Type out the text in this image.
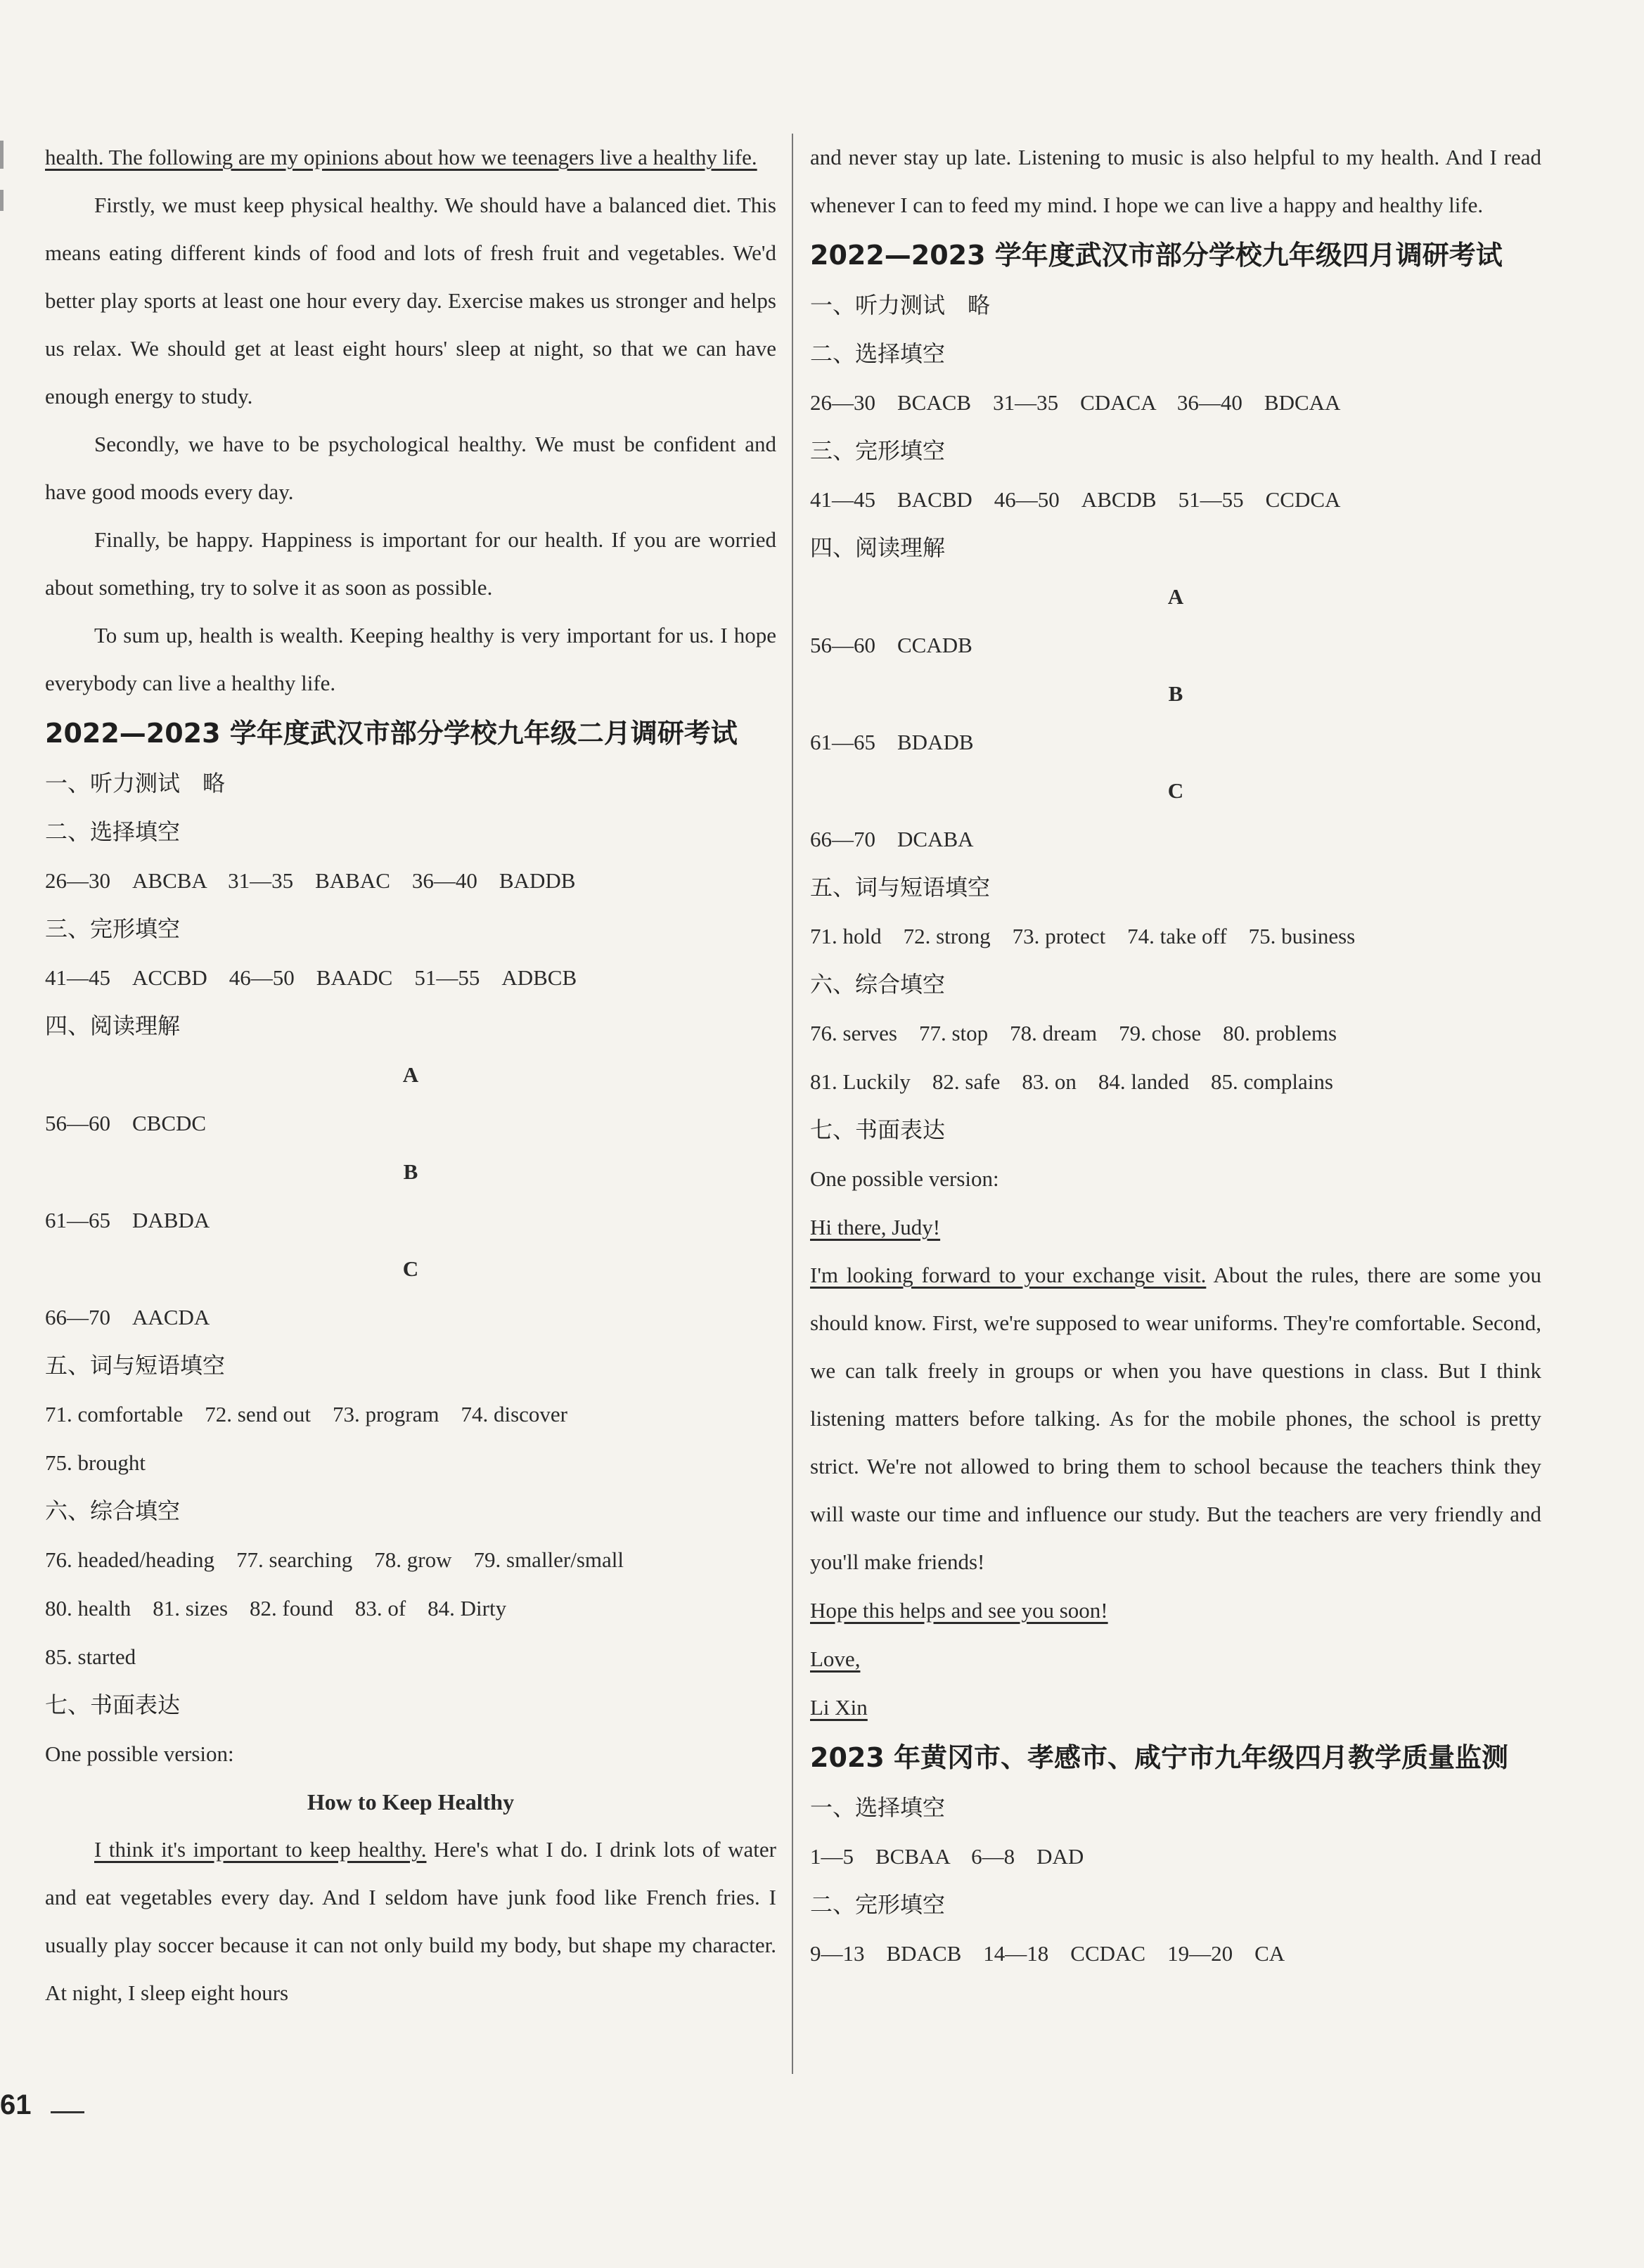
health. The following are my opinions about how we teenagers live a healthy life.
Firstly, we must keep physical healthy. We should have a balanced diet. This means eating different kinds of food and lots of fresh fruit and vegetables. We'd better play sports at least one hour every day. Exercise makes us stronger and helps us relax. We should get at least eight hours' sleep at night, so that we can have enough energy to study.
Secondly, we have to be psychological healthy. We must be confident and have good moods every day.
Finally, be happy. Happiness is important for our health. If you are worried about something, try to solve it as soon as possible.
To sum up, health is wealth. Keeping healthy is very important for us. I hope everybody can live a healthy life.
2022—2023 学年度武汉市部分学校九年级二月调研考试
一、听力测试　略
二、选择填空
26—30　ABCBA　31—35　BABAC　36—40　BADDB
三、完形填空
41—45　ACCBD　46—50　BAADC　51—55　ADBCB
四、阅读理解
A
56—60　CBCDC
B
61—65　DABDA
C
66—70　AACDA
五、词与短语填空
71. comfortable　72. send out　73. program　74. discover
75. brought
六、综合填空
76. headed/heading　77. searching　78. grow　79. smaller/small
80. health　81. sizes　82. found　83. of　84. Dirty
85. started
七、书面表达
One possible version:
How to Keep Healthy
I think it's important to keep healthy. Here's what I do. I drink lots of water and eat vegetables every day. And I seldom have junk food like French fries. I usually play soccer because it can not only build my body, but shape my character. At night, I sleep eight hours
and never stay up late. Listening to music is also helpful to my health. And I read whenever I can to feed my mind. I hope we can live a happy and healthy life.
2022—2023 学年度武汉市部分学校九年级四月调研考试
一、听力测试　略
二、选择填空
26—30　BCACB　31—35　CDACA　36—40　BDCAA
三、完形填空
41—45　BACBD　46—50　ABCDB　51—55　CCDCA
四、阅读理解
A
56—60　CCADB
B
61—65　BDADB
C
66—70　DCABA
五、词与短语填空
71. hold　72. strong　73. protect　74. take off　75. business
六、综合填空
76. serves　77. stop　78. dream　79. chose　80. problems
81. Luckily　82. safe　83. on　84. landed　85. complains
七、书面表达
One possible version:
Hi there, Judy!
I'm looking forward to your exchange visit. About the rules, there are some you should know. First, we're supposed to wear uniforms. They're comfortable. Second, we can talk freely in groups or when you have questions in class. But I think listening matters before talking. As for the mobile phones, the school is pretty strict. We're not allowed to bring them to school because the teachers think they will waste our time and influence our study. But the teachers are very friendly and you'll make friends!
Hope this helps and see you soon!
Love,
Li Xin
2023 年黄冈市、孝感市、咸宁市九年级四月教学质量监测
一、选择填空
1—5　BCBAA　6—8　DAD
二、完形填空
9—13　BDACB　14—18　CCDAC　19—20　CA
61
